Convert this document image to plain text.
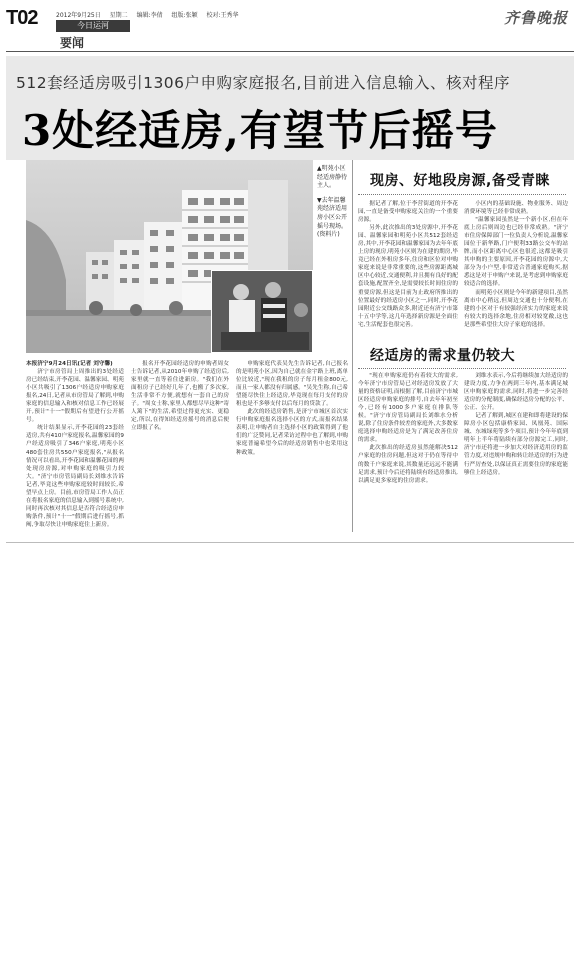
T02	2012年9月25日 星期二 编辑:李倩 组版:张颖 校对:王秀华
今日运河
要闻
齐鲁晚报
512套经适房吸引1306户申购家庭报名,目前进入信息输入、核对程序
3处经适房,有望节后摇号

▲明苑小区经适房静待主人。

▼去年温馨苑经济适用房小区公开摇号现场。(资料片)

本报济宁9月24日讯(记者 刘守馨)

济宁市房管局上周推出的3处经适房已经结束,开李花园、温馨家园、明苑小区共吸引了1306户经适房申购家庭报名,24日,记者从市房管局了解到,申购家庭的信息输入和核对信息工作已经展开,预计"十一"假期后有望进行公开摇号。

统计结果显示,开李花园的23套经适房,共有410户家庭报名,温馨家园的9户经适房吸引了346户家庭,明苑小区480套住房共550户家庭报名,"从报名情况可以看出,开李花园和温馨花园的两处现房房源,对申购家庭的吸引力较大。"济宁市房管局副局长刘维水告诉记者,毕竟这些申购家庭较时间较长,希望早点上房。目前,市房管局工作人员正在将报名家庭的信息输入到摇号系统中,同时再次核对其信息是否符合经适房申购条件,预计"十一"假期后进行摇号,抓阄,争取尽快让申购家庭住上新房。

报名开李花园经适房的申购者周女士告诉记者,从2010年申购了经适房后,家里就一直等着住进新房。"我们在外面租房子已经好几年了,也搬了多次家,生活非常不方便,就想有一套自己的房子。"周女士称,家里人都想尽早这种"寄人篱下"的生活,希望过得更充实、更稳定,所以,在得知经适房摇号的消息后便立即报了名。

申购家庭代表吴先生告诉记者,自己报名的是明苑小区,因为自己就在金宇路上班,离单位比较近,"现在我租的房子每月租金800元,而且一家人都没有归属感。"吴先生称,自己希望能尽快住上经适房,毕竟现在每月支付的房租也是不多够支付以后每月的贷款了。

此次的经适房销售,是济宁市城区首次实行申购家庭报名选择小区的方式,而报名结果表明,让申购者自主选择小区的政策得到了他们的广泛赞同,记者采访过程中也了解到,申购家庭普遍希望今后的经适房销售中也采用这种政策。

现房、好地段房源,备受青睐

据记者了解,位于李营街道的开李花园,一直是备受申购家庭关注的一个重要房源。

另外,此次推出的3处房源中,开李花园、温馨家园和明苑小区共512套经适房,其中,开李花园和温馨家园为去年年底上房的现房,明苑小区则为在建的期房,毕竟已经在外租房多年,住房和区位对申购家庭来说是非常重要的,这些房源距离城区中心较近,交通便利,并且拥有良好的配套设施,配置齐全,是需要较长时间住房的重要房源,但这是目前为止政府所推出的位置最好的经适房小区之一,同时,开李花园附近公交线路众多,附近还有济宁市第十五中学等,这几年选择新房源是全面住宅,生活配套也很完善。

小区内的基础设施、物业服务、周边消费环境等已经非常成熟。

"温馨家园虽然是一个新小区,但在年底上房后则周边也已经非常成熟。"济宁市住房保障部门一位负责人分析说,温馨家园位于新华路,门户便利33路公交车的站牌,而小区距离中心区也很近,这都是吸引其申购的主要原因,开李花园的房源中,大部分为小户型,非常适合普通家庭购买,据悉这是对于申购户来说,是考虑到申购家庭较适合的选择。

而明苑小区则是今年的新建项目,虽然离市中心稍远,但周边交通也十分便利,在建的小区对于有较强经济实力的家庭来说有较大的选择余地,住房相对较宽敞,这也是那些希望住大房子家庭的选择。

经适房的需求量仍较大

"现在申购家庭仍有着较大的需求,今年济宁市房管局已对经适房发放了大量的资格证明,而根据了解,目前济宁市城区经适房申购家庭的排号,自去年年初至今,已经有1000多户家庭在排队等候。"济宁市房管局副局长刘维水分析说,除了住房条件较差的家庭外,大多数家庭选择申购经适房是为了满足改善住房的需求。

此次推出的经适房虽然能解决512户家庭的住房问题,但这对于仍在等待中的数千户家庭来说,其数量还远远不能满足需求,预计今后还将陆续有经适房推出,以满足更多家庭的住房需求。

刘维水表示,今后将继续加大经适房的建设力度,力争在两到三年内,基本满足城区申购家庭的需求,同时,将进一步完善经适房的分配制度,确保经适房分配的公平、公正、公开。

记者了解到,城区在建和即将建设的保障房小区包括康桥家园、凤凰苑、国际城、东城绿苑等多个项目,预计今年年底到明年上半年将陆续有部分房源完工,同时,济宁市还将进一步加大对经济适用房的监管力度,对违规申购和转让经适房的行为进行严厉查处,以保证真正需要住房的家庭能够住上经适房。
